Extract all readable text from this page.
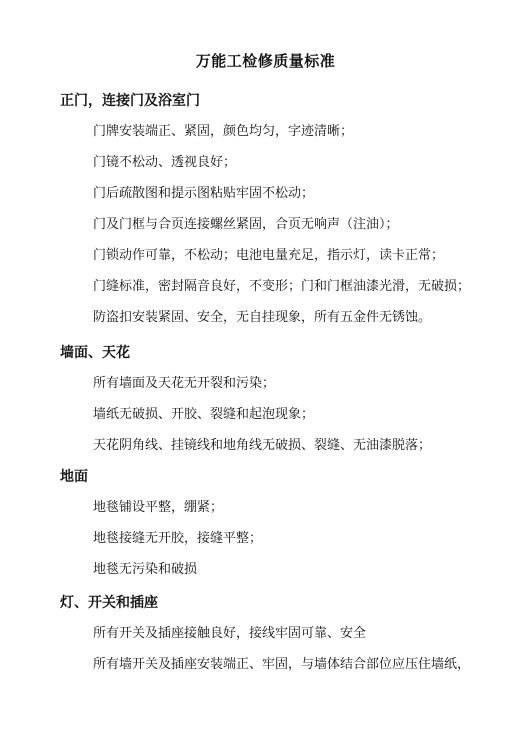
万能工检修质量标准

正门，连接门及浴室门

门牌安装端正、紧固，颜色均匀，字迹清晰；

门镜不松动、透视良好；

门后疏散图和提示图粘贴牢固不松动；

门及门框与合页连接螺丝紧固，合页无响声（注油）；

门锁动作可靠，不松动；电池电量充足，指示灯，读卡正常；

门缝标准，密封隔音良好，不变形；门和门框油漆光滑，无破损；

防盗扣安装紧固、安全，无自挂现象，所有五金件无锈蚀。

墙面、天花

所有墙面及天花无开裂和污染；

墙纸无破损、开胶、裂缝和起泡现象；

天花阴角线、挂镜线和地角线无破损、裂缝、无油漆脱落；

地面

地毯铺设平整，绷紧；

地毯接缝无开胶，接缝平整；

地毯无污染和破损

灯、开关和插座

所有开关及插座接触良好，接线牢固可靠、安全

所有墙开关及插座安装端正、牢固，与墙体结合部位应压住墙纸，
